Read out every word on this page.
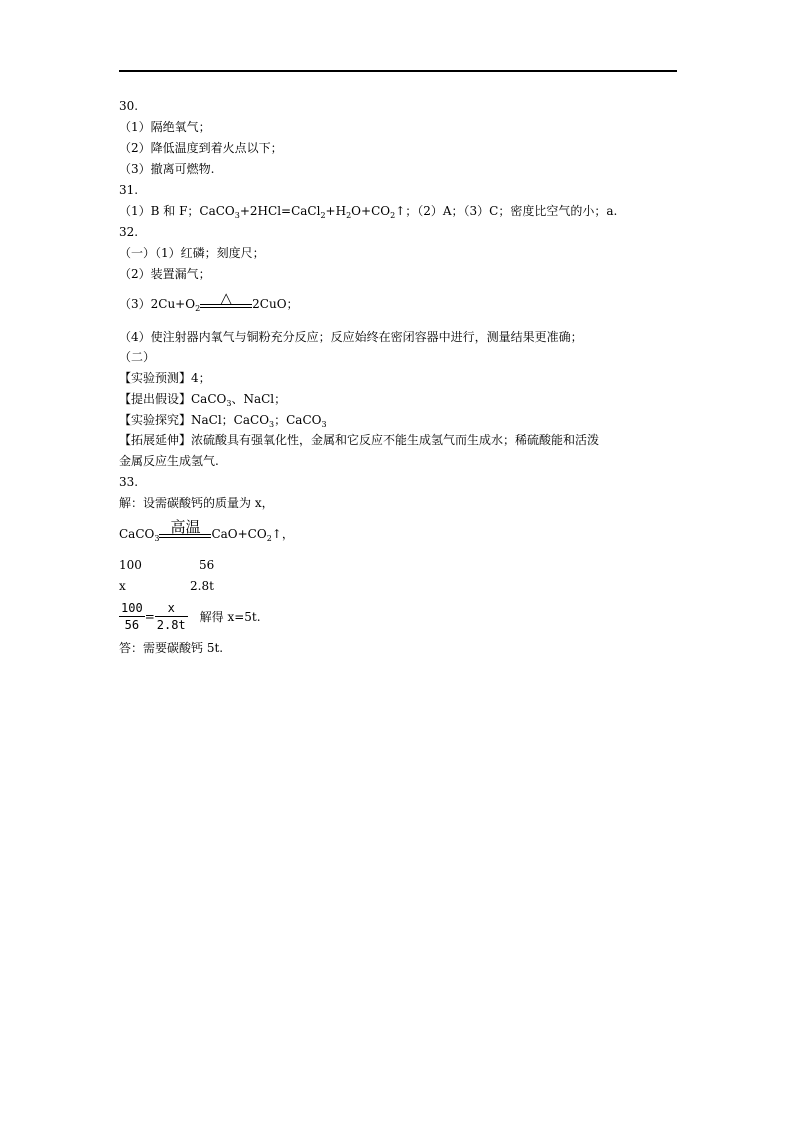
30.
（1）隔绝氧气；
（2）降低温度到着火点以下；
（3）撤离可燃物.
31.
（1）B 和 F；$CaCO_3+2HCl=CaCl_2+H_2O+CO_2↑$；（2）A；（3）C；密度比空气的小；a.
32.
（一）（1）红磷；刻度尺；
（2）装置漏气；
$(3)2Cu+O_2$
△	2CuO；
（4）使注射器内氧气与铜粉充分反应；反应始终在密闭容器中进行，测量结果更准确；
（二）
【实验预测】4；
【提出假设】CaCO$_3$、NaCl；
【实验探究】NaCl；CaCO$_3$；CaCO$_3$
【拓展延伸】浓硫酸具有强氧化性，金属和它反应不能生成氢气而生成水；稀硫酸能和活泼
金属反应生成氢气.
33.
解：设需碳酸钙的质量为 x，
CaCO$_3$
高温 $CaO+CO_2↑$，
100	56
x	2.8t
$\frac{100}{56} = \frac{x}{2.8t}$ 解得 x=5t.
答：需要碳酸钙 5t.
